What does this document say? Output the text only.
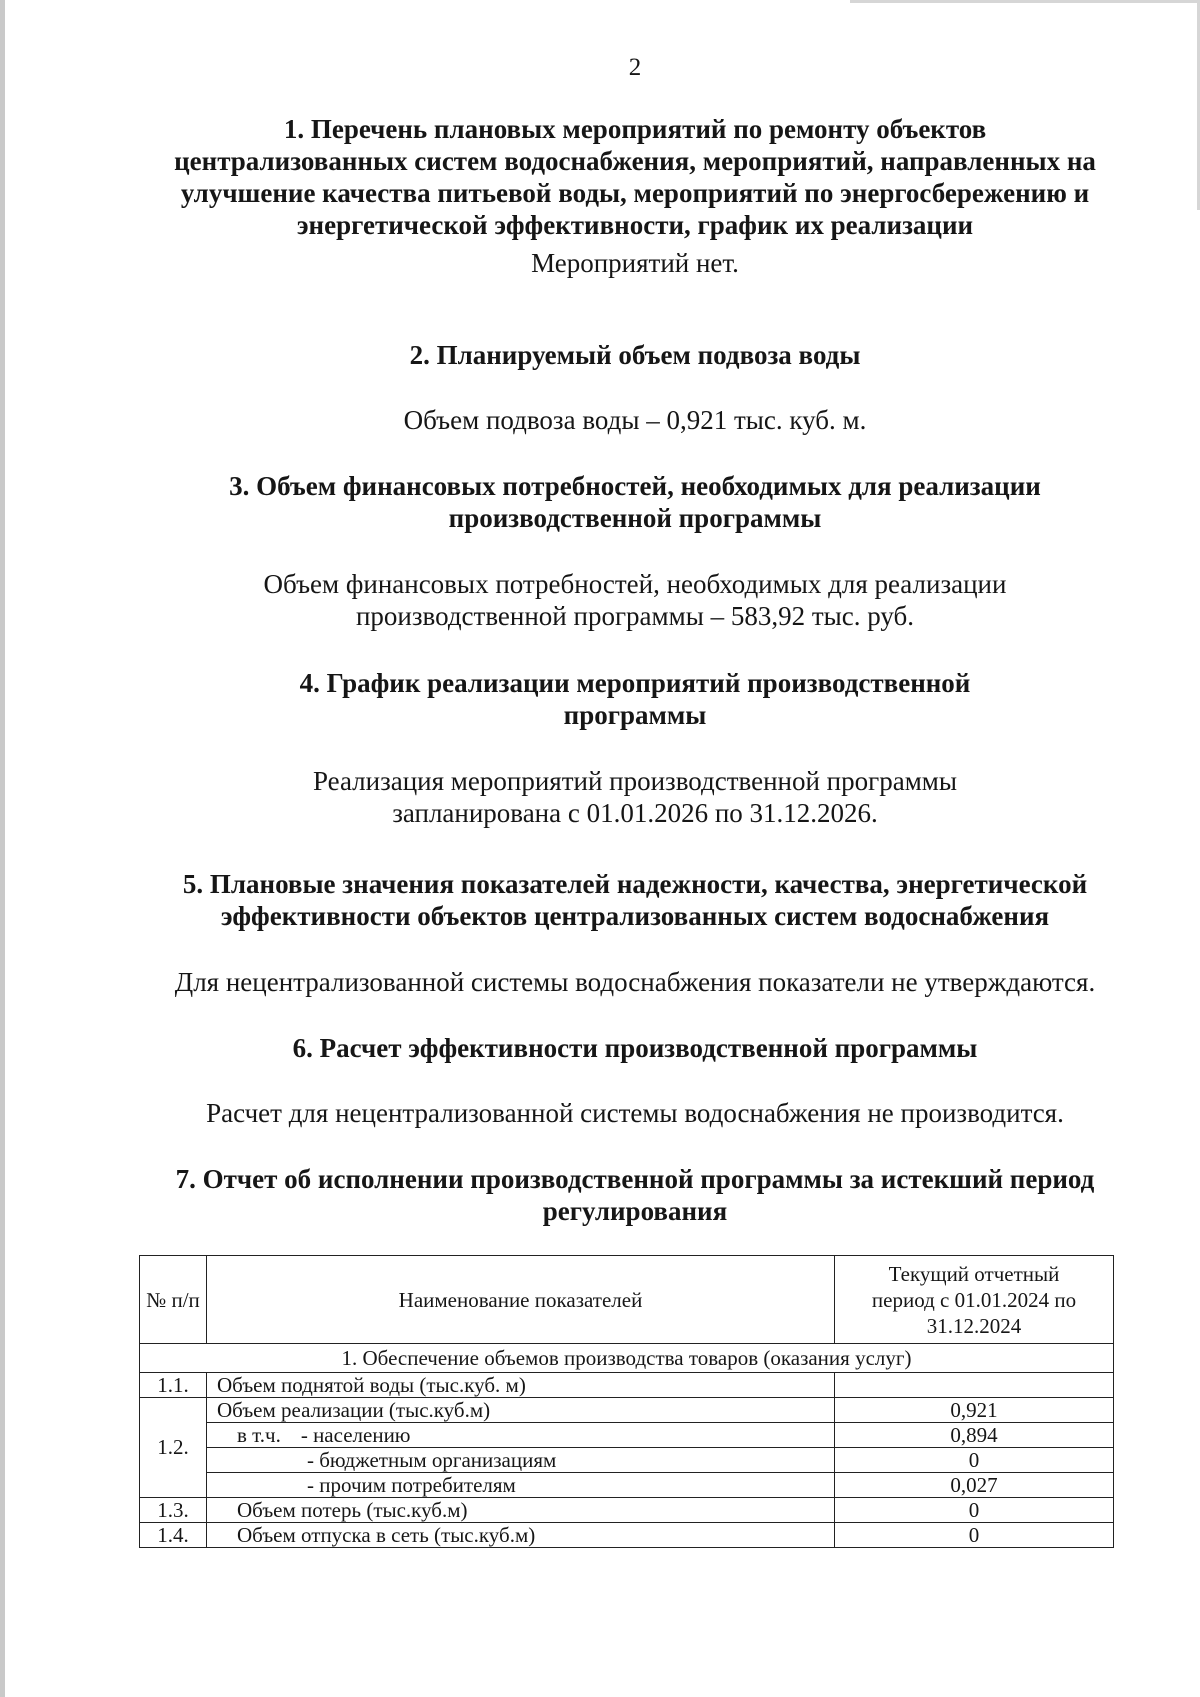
2
1. Перечень плановых мероприятий по ремонту объектов
централизованных систем водоснабжения, мероприятий, направленных на
улучшение качества питьевой воды, мероприятий по энергосбережению и
энергетической эффективности, график их реализации
Мероприятий нет.
2. Планируемый объем подвоза воды
Объем подвоза воды – 0,921 тыс. куб. м.
3. Объем финансовых потребностей, необходимых для реализации
производственной программы
Объем финансовых потребностей, необходимых для реализации
производственной программы – 583,92 тыс. руб.
4. График реализации мероприятий производственной
программы
Реализация мероприятий производственной программы
запланирована с 01.01.2026 по 31.12.2026.
5. Плановые значения показателей надежности, качества, энергетической
эффективности объектов централизованных систем водоснабжения
Для нецентрализованной системы водоснабжения показатели не утверждаются.
6. Расчет эффективности производственной программы
Расчет для нецентрализованной системы водоснабжения не производится.
7. Отчет об исполнении производственной программы за истекший период
регулирования
№ п/п	Наименование показателей	Текущий отчетный
период с 01.01.2024 по
31.12.2024

1. Обеспечение объемов производства товаров (оказания услуг)		
1.1.	Объем поднятой воды (тыс.куб. м)	
1.2.	Объем реализации (тыс.куб.м)	0,921
	в т.ч. - населению	0,894
	- бюджетным организациям	0
	- прочим потребителям	0,027
1.3.	Объем потерь (тыс.куб.м)	0
1.4.	Объем отпуска в сеть (тыс.куб.м)	0
